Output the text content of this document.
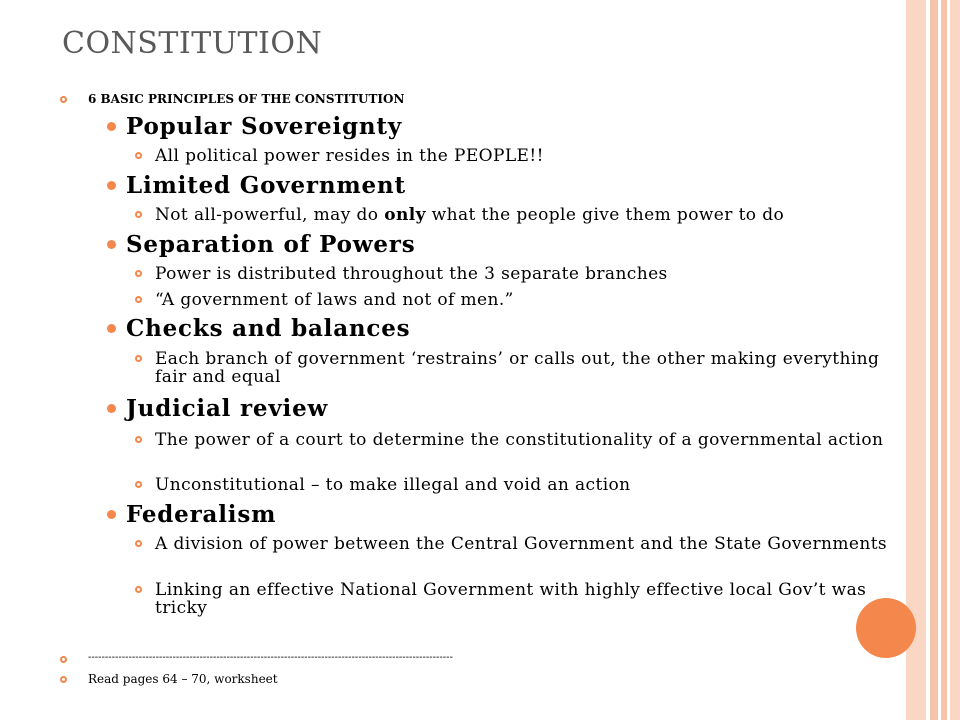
CONSTITUTION
6 BASIC PRINCIPLES OF THE CONSTITUTION
Popular Sovereignty
All political power resides in the PEOPLE!!
Limited Government
Not all-powerful, may do only what the people give them power to do
Separation of Powers
Power is distributed throughout the 3 separate branches
“A government of laws and not of men.”
Checks and balances
Each branch of government ‘restrains’ or calls out, the other making everything fair and equal
Judicial review
The power of a court to determine the constitutionality of a governmental action
Unconstitutional – to make illegal and void an action
Federalism
A division of power between the Central Government and the State Governments
Linking an effective National Government with highly effective local Gov’t was tricky
------------------------------------------------------------------------------------------------------------
Read pages 64 – 70, worksheet
